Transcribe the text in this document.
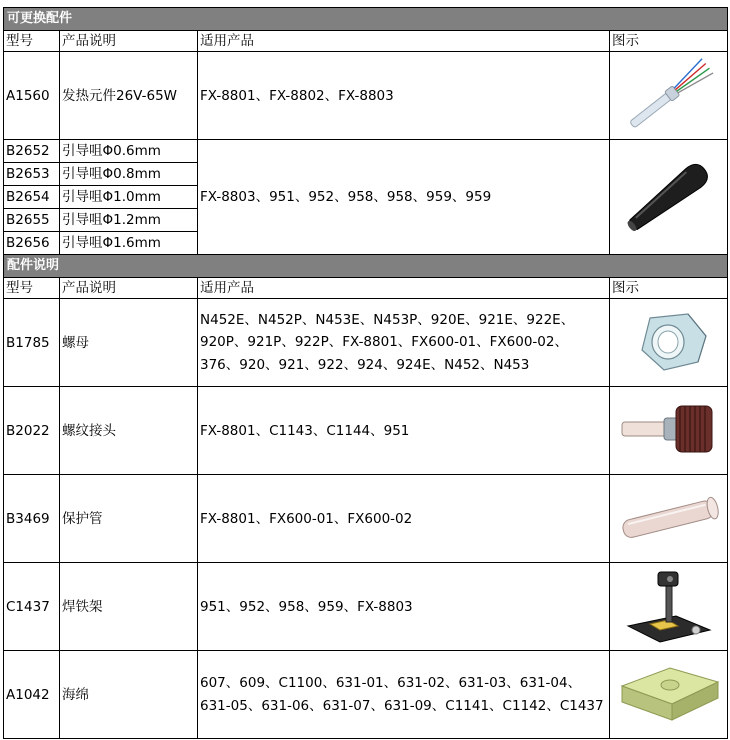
可更换配件			
型号	产品说明	适用产品	图示
A1560	发热元件26V-65W	FX-8801、FX-8802、FX-8803	

B2652	引导咀Φ0.6mm	FX-8803、951、952、958、958、959、959	

B2653	引导咀Φ0.8mm		
B2654	引导咀Φ1.0mm		
B2655	引导咀Φ1.2mm		
B2656	引导咀Φ1.6mm		
配件说明			
型号	产品说明	适用产品	图示
B1785	螺母	N452E、N452P、N453E、N453P、920E、921E、922E、920P、921P、922P、FX-8801、FX600-01、FX600-02、376、920、921、922、924、924E、N452、N453	

B2022	螺纹接头	FX-8801、C1143、C1144、951	

B3469	保护管	FX-8801、FX600-01、FX600-02	

C1437	焊铁架	951、952、958、959、FX-8803	

A1042	海绵	607、609、C1100、631-01、631-02、631-03、631-04、631-05、631-06、631-07、631-09、C1141、C1142、C1437	
